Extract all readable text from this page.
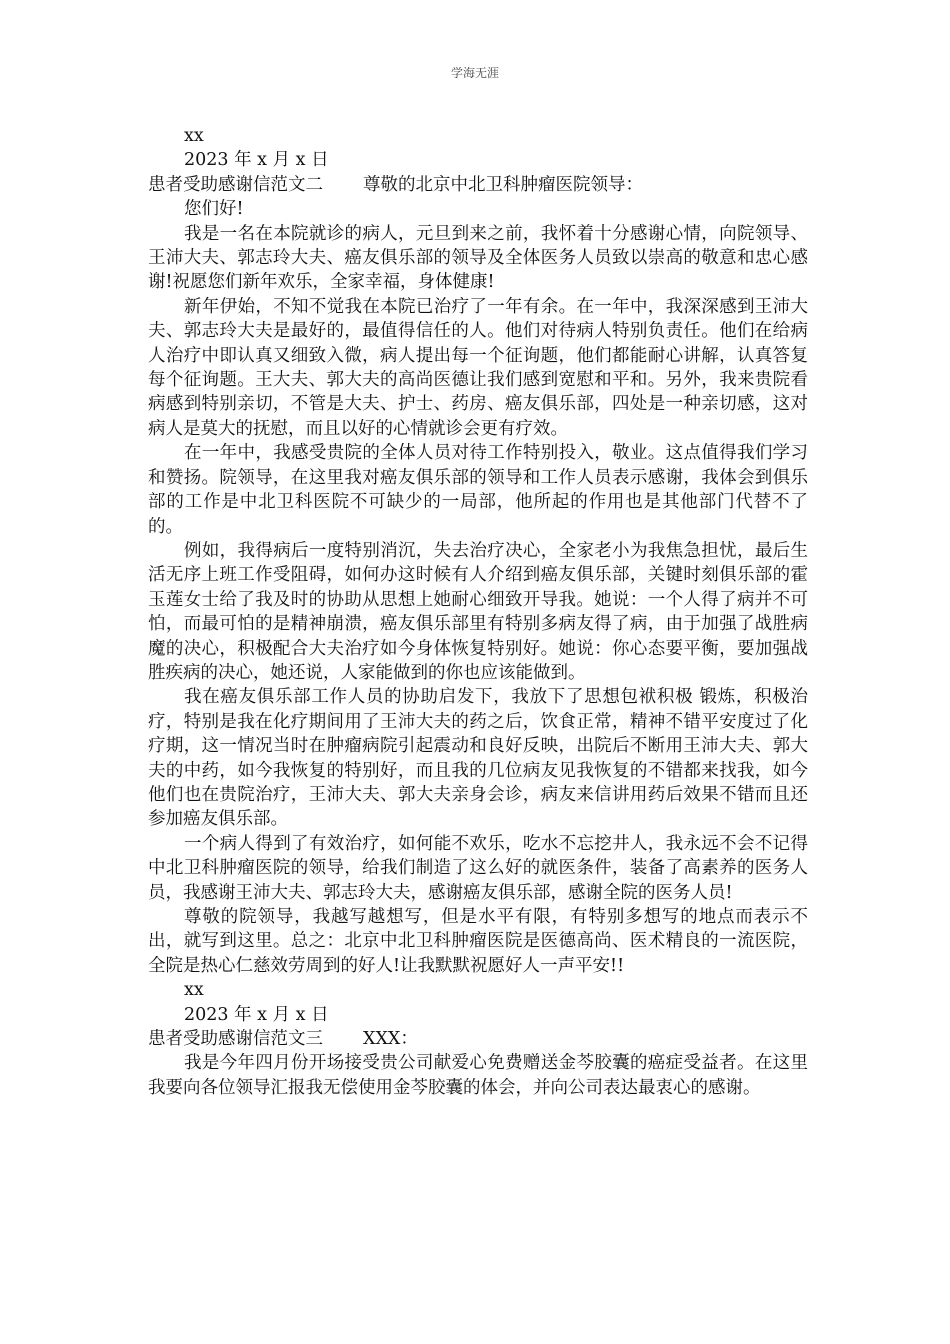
学海无涯

xx

2023 年 x 月 x 日

患者受助感谢信范文二 尊敬的北京中北卫科肿瘤医院领导：

您们好!

我是一名在本院就诊的病人，元旦到来之前，我怀着十分感谢心情，向院领导、王沛大夫、郭志玲大夫、癌友俱乐部的领导及全体医务人员致以崇高的敬意和忠心感谢!祝愿您们新年欢乐，全家幸福，身体健康!

新年伊始，不知不觉我在本院已治疗了一年有余。在一年中，我深深感到王沛大夫、郭志玲大夫是最好的，最值得信任的人。他们对待病人特别负责任。他们在给病人治疗中即认真又细致入微，病人提出每一个征询题，他们都能耐心讲解，认真答复每个征询题。王大夫、郭大夫的高尚医德让我们感到宽慰和平和。另外，我来贵院看病感到特别亲切，不管是大夫、护士、药房、癌友俱乐部，四处是一种亲切感，这对病人是莫大的抚慰，而且以好的心情就诊会更有疗效。

在一年中，我感受贵院的全体人员对待工作特别投入，敬业。这点值得我们学习和赞扬。院领导，在这里我对癌友俱乐部的领导和工作人员表示感谢，我体会到俱乐部的工作是中北卫科医院不可缺少的一局部，他所起的作用也是其他部门代替不了的。

例如，我得病后一度特别消沉，失去治疗决心，全家老小为我焦急担忧，最后生活无序上班工作受阻碍，如何办这时候有人介绍到癌友俱乐部，关键时刻俱乐部的霍玉莲女士给了我及时的协助从思想上她耐心细致开导我。她说：一个人得了病并不可怕，而最可怕的是精神崩溃，癌友俱乐部里有特别多病友得了病，由于加强了战胜病魔的决心，积极配合大夫治疗如今身体恢复特别好。她说：你心态要平衡，要加强战胜疾病的决心，她还说，人家能做到的你也应该能做到。

我在癌友俱乐部工作人员的协助启发下，我放下了思想包袱积极 锻炼，积极治疗，特别是我在化疗期间用了王沛大夫的药之后，饮食正常，精神不错平安度过了化疗期，这一情况当时在肿瘤病院引起震动和良好反映，出院后不断用王沛大夫、郭大夫的中药，如今我恢复的特别好，而且我的几位病友见我恢复的不错都来找我，如今他们也在贵院治疗，王沛大夫、郭大夫亲身会诊，病友来信讲用药后效果不错而且还参加癌友俱乐部。

一个病人得到了有效治疗，如何能不欢乐，吃水不忘挖井人，我永远不会不记得中北卫科肿瘤医院的领导，给我们制造了这么好的就医条件，装备了高素养的医务人员，我感谢王沛大夫、郭志玲大夫，感谢癌友俱乐部，感谢全院的医务人员!

尊敬的院领导，我越写越想写，但是水平有限，有特别多想写的地点而表示不出，就写到这里。总之：北京中北卫科肿瘤医院是医德高尚、医术精良的一流医院，全院是热心仁慈效劳周到的好人!让我默默祝愿好人一声平安!!

xx

2023 年 x 月 x 日

患者受助感谢信范文三 XXX：

我是今年四月份开场接受贵公司献爱心免费赠送金芩胶囊的癌症受益者。在这里我要向各位领导汇报我无偿使用金芩胶囊的体会，并向公司表达最衷心的感谢。
